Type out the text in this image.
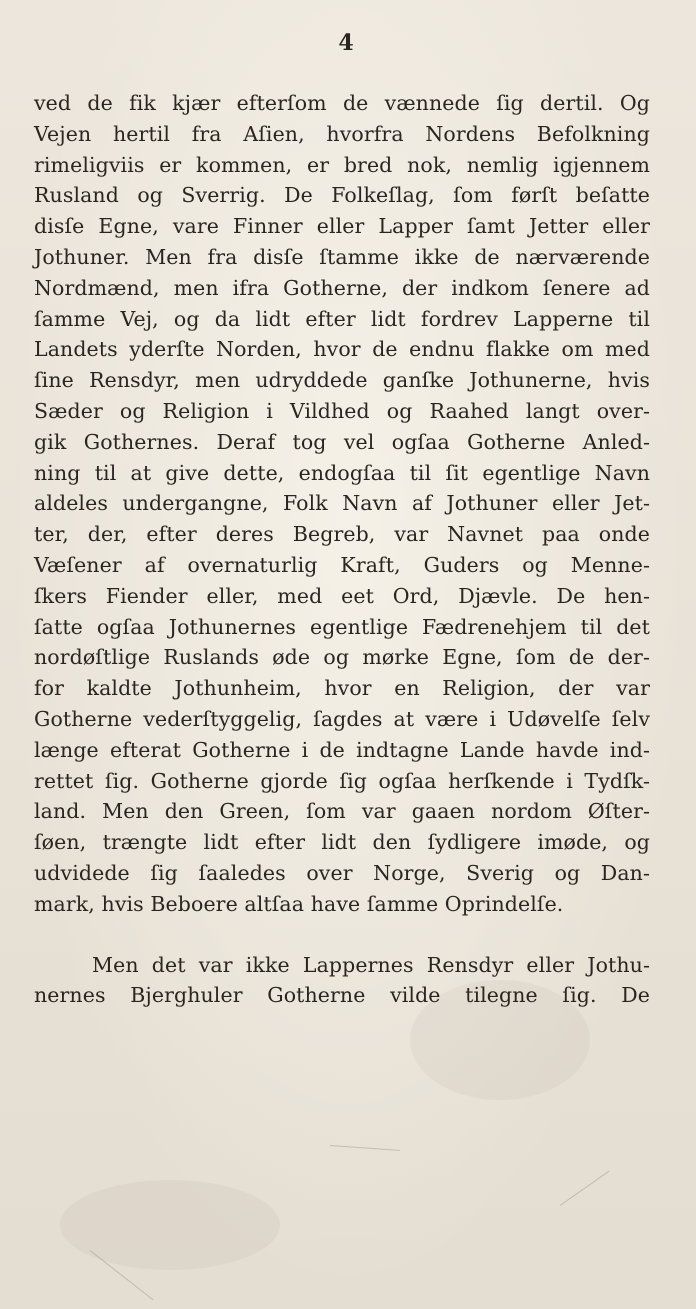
4
ved de fik kjær efterſom de vænnede ſig dertil. Og
Vejen hertil fra Aſien, hvorfra Nordens Befolkning
rimeligviis er kommen, er bred nok, nemlig igjennem
Rusland og Sverrig. De Folkeſlag, ſom førſt beſatte
disſe Egne, vare Finner eller Lapper ſamt Jetter eller
Jothuner. Men fra disſe ſtamme ikke de nærværende
Nordmænd, men ifra Gotherne, der indkom ſenere ad
ſamme Vej, og da lidt efter lidt fordrev Lapperne til
Landets yderſte Norden, hvor de endnu flakke om med
ſine Rensdyr, men udryddede ganſke Jothunerne, hvis
Sæder og Religion i Vildhed og Raahed langt over-
gik Gothernes. Deraf tog vel ogſaa Gotherne Anled-
ning til at give dette, endogſaa til ſit egentlige Navn
aldeles undergangne, Folk Navn af Jothuner eller Jet-
ter, der, efter deres Begreb, var Navnet paa onde
Væſener af overnaturlig Kraft, Guders og Menne-
ſkers Fiender eller, med eet Ord, Djævle. De hen-
ſatte ogſaa Jothunernes egentlige Fædrenehjem til det
nordøſtlige Ruslands øde og mørke Egne, ſom de der-
for kaldte Jothunheim, hvor en Religion, der var
Gotherne vederſtyggelig, ſagdes at være i Udøvelſe ſelv
længe efterat Gotherne i de indtagne Lande havde ind-
rettet ſig. Gotherne gjorde ſig ogſaa herſkende i Tydſk-
land. Men den Green, ſom var gaaen nordom Øſter-
ſøen, trængte lidt efter lidt den ſydligere imøde, og
udvidede ſig ſaaledes over Norge, Sverig og Dan-
mark, hvis Beboere altſaa have ſamme Oprindelſe.
Men det var ikke Lappernes Rensdyr eller Jothu-
nernes Bjerghuler Gotherne vilde tilegne ſig. De
